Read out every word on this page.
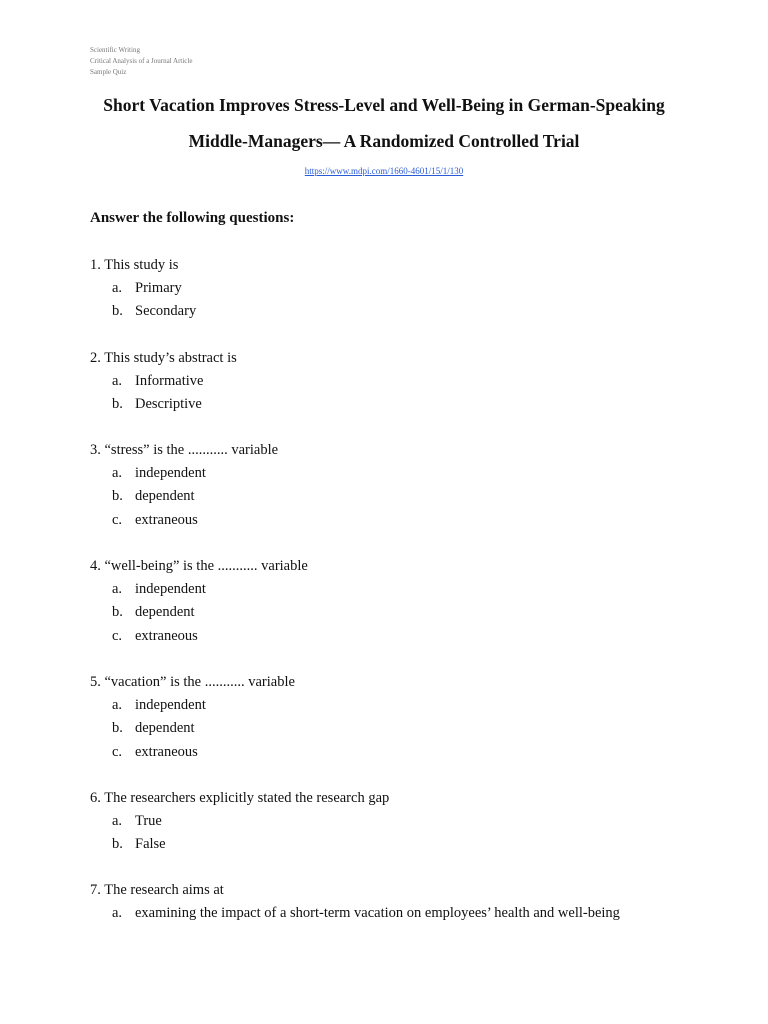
Scientific Writing
Critical Analysis of a Journal Article
Sample Quiz
Short Vacation Improves Stress-Level and Well-Being in German-Speaking
Middle-Managers— A Randomized Controlled Trial
https://www.mdpi.com/1660-4601/15/1/130
Answer the following questions:
1. This study is
a. Primary
b. Secondary
2. This study’s abstract is
a. Informative
b. Descriptive
3. “stress” is the ........... variable
a. independent
b. dependent
c. extraneous
4. “well-being” is the ........... variable
a. independent
b. dependent
c. extraneous
5. “vacation” is the ........... variable
a. independent
b. dependent
c. extraneous
6. The researchers explicitly stated the research gap
a. True
b. False
7. The research aims at
a. examining the impact of a short-term vacation on employees’ health and well-being
